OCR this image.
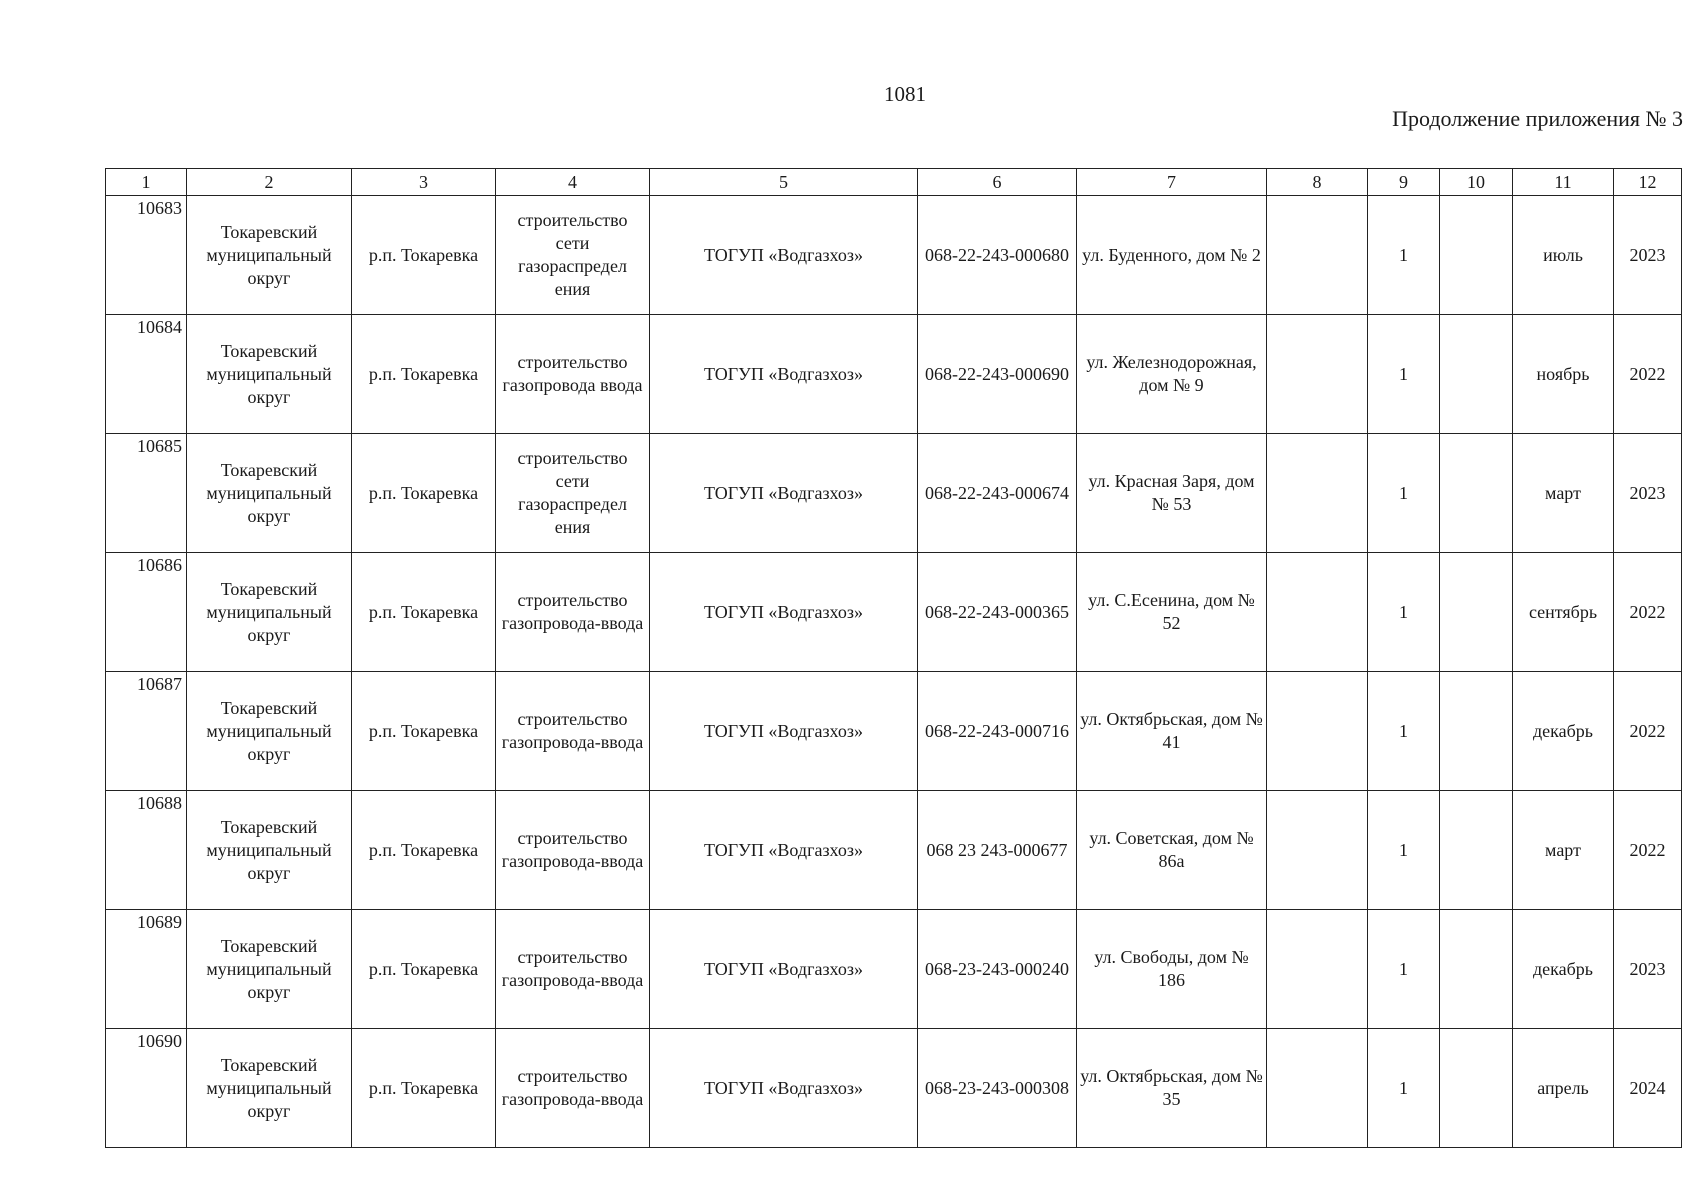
1081
Продолжение приложения № 3
1	2	3	4	5	6	7	8	9	10	11	12
10683	Токаревский муниципальный округ	р.п. Токаревка	строительство сети газораспредел ения	ТОГУП «Водгазхоз»	068-22-243-000680	ул. Буденного, дом № 2		1		июль	2023
10684	Токаревский муниципальный округ	р.п. Токаревка	строительство газопровода ввода	ТОГУП «Водгазхоз»	068-22-243-000690	ул. Железнодорожная, дом № 9		1		ноябрь	2022
10685	Токаревский муниципальный округ	р.п. Токаревка	строительство сети газораспредел ения	ТОГУП «Водгазхоз»	068-22-243-000674	ул. Красная Заря, дом № 53		1		март	2023
10686	Токаревский муниципальный округ	р.п. Токаревка	строительство газопровода-ввода	ТОГУП «Водгазхоз»	068-22-243-000365	ул. С.Есенина, дом № 52		1		сентябрь	2022
10687	Токаревский муниципальный округ	р.п. Токаревка	строительство газопровода-ввода	ТОГУП «Водгазхоз»	068-22-243-000716	ул. Октябрьская, дом № 41		1		декабрь	2022
10688	Токаревский муниципальный округ	р.п. Токаревка	строительство газопровода-ввода	ТОГУП «Водгазхоз»	068 23 243-000677	ул. Советская, дом № 86а		1		март	2022
10689	Токаревский муниципальный округ	р.п. Токаревка	строительство газопровода-ввода	ТОГУП «Водгазхоз»	068-23-243-000240	ул. Свободы, дом № 186		1		декабрь	2023
10690	Токаревский муниципальный округ	р.п. Токаревка	строительство газопровода-ввода	ТОГУП «Водгазхоз»	068-23-243-000308	ул. Октябрьская, дом № 35		1		апрель	2024
